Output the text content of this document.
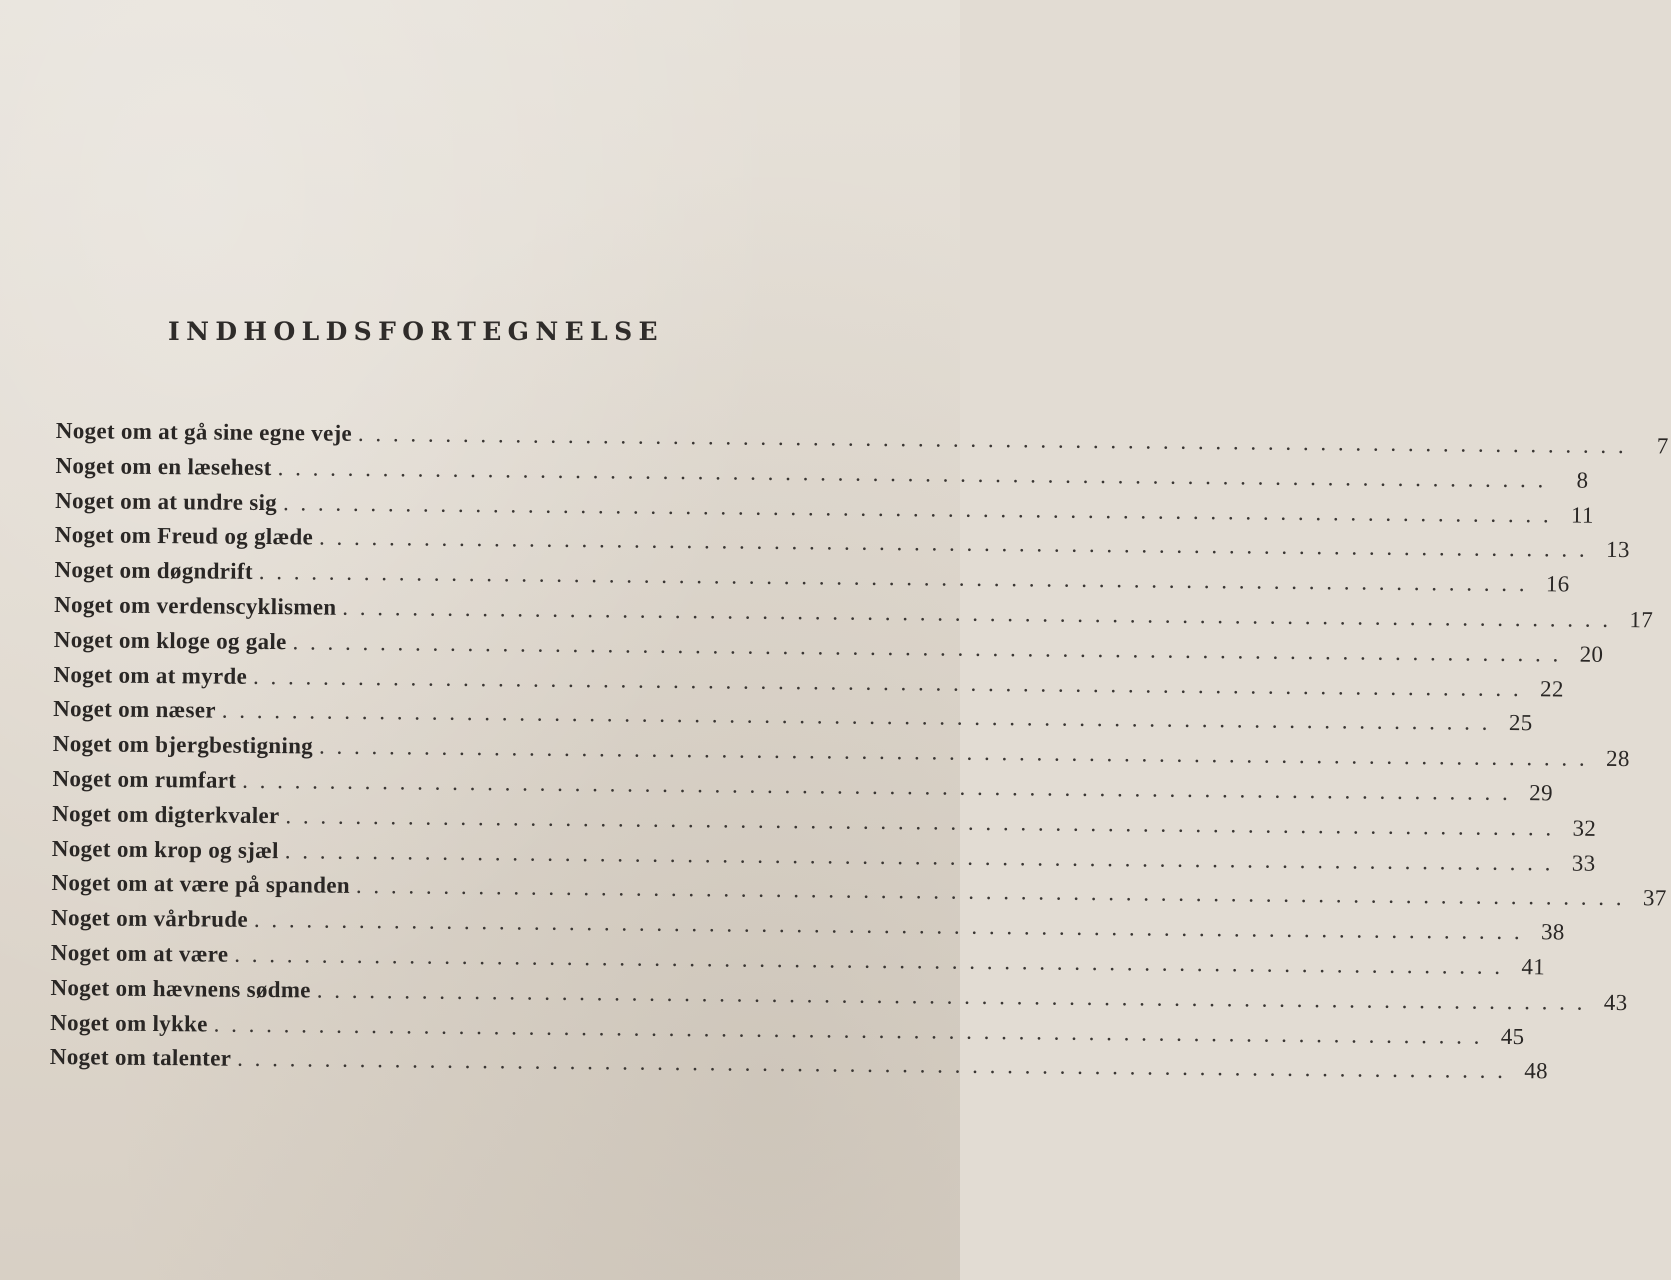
INDHOLDSFORTEGNELSE
Noget om at gå sine egne veje . . . . . . . . . . . . . . . . . . . . . . . . . . . . . . . . . . . . . . . . . . . . . . . . . . . . . . . . . . . . . . . . . . . . . . . . .	7
Noget om en læsehest . . . . . . . . . . . . . . . . . . . . . . . . . . . . . . . . . . . . . . . . . . . . . . . . . . . . . . . . . . . . . . . . . . . . . . . . .	8
Noget om at undre sig . . . . . . . . . . . . . . . . . . . . . . . . . . . . . . . . . . . . . . . . . . . . . . . . . . . . . . . . . . . . . . . . . . . . . . . . . 11
Noget om Freud og glæde . . . . . . . . . . . . . . . . . . . . . . . . . . . . . . . . . . . . . . . . . . . . . . . . . . . . . . . . . . . . . . . . . . . . . . . . . 13
Noget om døgndrift . . . . . . . . . . . . . . . . . . . . . . . . . . . . . . . . . . . . . . . . . . . . . . . . . . . . . . . . . . . . . . . . . . . . . . . . . 16
Noget om verdenscyklismen . . . . . . . . . . . . . . . . . . . . . . . . . . . . . . . . . . . . . . . . . . . . . . . . . . . . . . . . . . . . . . . . . . . . . . . . . 17
Noget om kloge og gale . . . . . . . . . . . . . . . . . . . . . . . . . . . . . . . . . . . . . . . . . . . . . . . . . . . . . . . . . . . . . . . . . . . . . . . . . 20
Noget om at myrde . . . . . . . . . . . . . . . . . . . . . . . . . . . . . . . . . . . . . . . . . . . . . . . . . . . . . . . . . . . . . . . . . . . . . . . . . 22
Noget om næser . . . . . . . . . . . . . . . . . . . . . . . . . . . . . . . . . . . . . . . . . . . . . . . . . . . . . . . . . . . . . . . . . . . . . . . . . 25
Noget om bjergbestigning . . . . . . . . . . . . . . . . . . . . . . . . . . . . . . . . . . . . . . . . . . . . . . . . . . . . . . . . . . . . . . . . . . . . . . . . . 28
Noget om rumfart . . . . . . . . . . . . . . . . . . . . . . . . . . . . . . . . . . . . . . . . . . . . . . . . . . . . . . . . . . . . . . . . . . . . . . . . . 29
Noget om digterkvaler . . . . . . . . . . . . . . . . . . . . . . . . . . . . . . . . . . . . . . . . . . . . . . . . . . . . . . . . . . . . . . . . . . . . . . . . . 32
Noget om krop og sjæl . . . . . . . . . . . . . . . . . . . . . . . . . . . . . . . . . . . . . . . . . . . . . . . . . . . . . . . . . . . . . . . . . . . . . . . . . 33
Noget om at være på spanden . . . . . . . . . . . . . . . . . . . . . . . . . . . . . . . . . . . . . . . . . . . . . . . . . . . . . . . . . . . . . . . . . . . . . . . . . 37
Noget om vårbrude . . . . . . . . . . . . . . . . . . . . . . . . . . . . . . . . . . . . . . . . . . . . . . . . . . . . . . . . . . . . . . . . . . . . . . . . . 38
Noget om at være . . . . . . . . . . . . . . . . . . . . . . . . . . . . . . . . . . . . . . . . . . . . . . . . . . . . . . . . . . . . . . . . . . . . . . . . . 41
Noget om hævnens sødme . . . . . . . . . . . . . . . . . . . . . . . . . . . . . . . . . . . . . . . . . . . . . . . . . . . . . . . . . . . . . . . . . . . . . . . . . 43
Noget om lykke . . . . . . . . . . . . . . . . . . . . . . . . . . . . . . . . . . . . . . . . . . . . . . . . . . . . . . . . . . . . . . . . . . . . . . . . . 45
Noget om talenter . . . . . . . . . . . . . . . . . . . . . . . . . . . . . . . . . . . . . . . . . . . . . . . . . . . . . . . . . . . . . . . . . . . . . . . . . 48
